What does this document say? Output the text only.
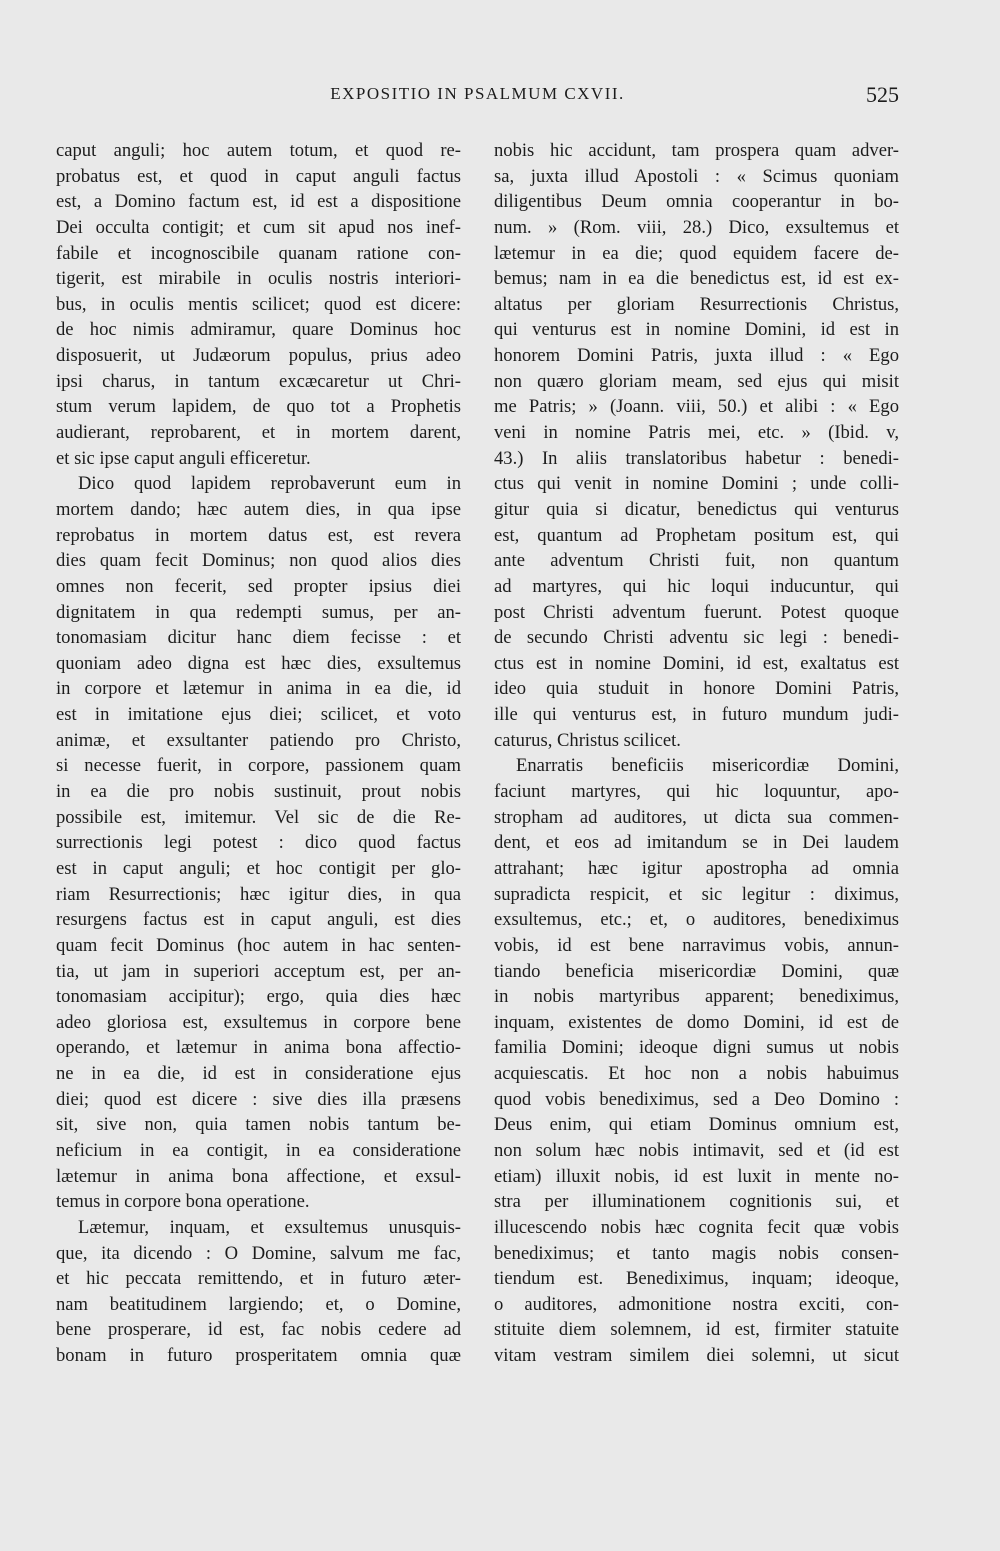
EXPOSITIO IN PSALMUM CXVII.	525
caput anguli; hoc autem totum, et quod re-
probatus est, et quod in caput anguli factus
est, a Domino factum est, id est a dispositione
Dei occulta contigit; et cum sit apud nos inef-
fabile et incognoscibile quanam ratione con-
tigerit, est mirabile in oculis nostris interiori-
bus, in oculis mentis scilicet; quod est dicere:
de hoc nimis admiramur, quare Dominus hoc
disposuerit, ut Judæorum populus, prius adeo
ipsi charus, in tantum excæcaretur ut Chri-
stum verum lapidem, de quo tot a Prophetis
audierant, reprobarent, et in mortem darent,
et sic ipse caput anguli efficeretur.
Dico quod lapidem reprobaverunt eum in
mortem dando; hæc autem dies, in qua ipse
reprobatus in mortem datus est, est revera
dies quam fecit Dominus; non quod alios dies
omnes non fecerit, sed propter ipsius diei
dignitatem in qua redempti sumus, per an-
tonomasiam dicitur hanc diem fecisse : et
quoniam adeo digna est hæc dies, exsultemus
in corpore et lætemur in anima in ea die, id
est in imitatione ejus diei; scilicet, et voto
animæ, et exsultanter patiendo pro Christo,
si necesse fuerit, in corpore, passionem quam
in ea die pro nobis sustinuit, prout nobis
possibile est, imitemur. Vel sic de die Re-
surrectionis legi potest : dico quod factus
est in caput anguli; et hoc contigit per glo-
riam Resurrectionis; hæc igitur dies, in qua
resurgens factus est in caput anguli, est dies
quam fecit Dominus (hoc autem in hac senten-
tia, ut jam in superiori acceptum est, per an-
tonomasiam accipitur); ergo, quia dies hæc
adeo gloriosa est, exsultemus in corpore bene
operando, et lætemur in anima bona affectio-
ne in ea die, id est in consideratione ejus
diei; quod est dicere : sive dies illa præsens
sit, sive non, quia tamen nobis tantum be-
neficium in ea contigit, in ea consideratione
lætemur in anima bona affectione, et exsul-
temus in corpore bona operatione.
Lætemur, inquam, et exsultemus unusquis-
que, ita dicendo : O Domine, salvum me fac,
et hic peccata remittendo, et in futuro æter-
nam beatitudinem largiendo; et, o Domine,
bene prosperare, id est, fac nobis cedere ad
bonam in futuro prosperitatem omnia quæ
nobis hic accidunt, tam prospera quam adver-
sa, juxta illud Apostoli : « Scimus quoniam
diligentibus Deum omnia cooperantur in bo-
num. » (Rom. viii, 28.) Dico, exsultemus et
lætemur in ea die; quod equidem facere de-
bemus; nam in ea die benedictus est, id est ex-
altatus per gloriam Resurrectionis Christus,
qui venturus est in nomine Domini, id est in
honorem Domini Patris, juxta illud : « Ego
non quæro gloriam meam, sed ejus qui misit
me Patris; » (Joann. viii, 50.) et alibi : « Ego
veni in nomine Patris mei, etc. » (Ibid. v,
43.) In aliis translatoribus habetur : benedi-
ctus qui venit in nomine Domini ; unde colli-
gitur quia si dicatur, benedictus qui venturus
est, quantum ad Prophetam positum est, qui
ante adventum Christi fuit, non quantum
ad martyres, qui hic loqui inducuntur, qui
post Christi adventum fuerunt. Potest quoque
de secundo Christi adventu sic legi : benedi-
ctus est in nomine Domini, id est, exaltatus est
ideo quia studuit in honore Domini Patris,
ille qui venturus est, in futuro mundum judi-
caturus, Christus scilicet.
Enarratis beneficiis misericordiæ Domini,
faciunt martyres, qui hic loquuntur, apo-
stropham ad auditores, ut dicta sua commen-
dent, et eos ad imitandum se in Dei laudem
attrahant; hæc igitur apostropha ad omnia
supradicta respicit, et sic legitur : diximus,
exsultemus, etc.; et, o auditores, benediximus
vobis, id est bene narravimus vobis, annun-
tiando beneficia misericordiæ Domini, quæ
in nobis martyribus apparent; benediximus,
inquam, existentes de domo Domini, id est de
familia Domini; ideoque digni sumus ut nobis
acquiescatis. Et hoc non a nobis habuimus
quod vobis benediximus, sed a Deo Domino :
Deus enim, qui etiam Dominus omnium est,
non solum hæc nobis intimavit, sed et (id est
etiam) illuxit nobis, id est luxit in mente no-
stra per illuminationem cognitionis sui, et
illucescendo nobis hæc cognita fecit quæ vobis
benediximus; et tanto magis nobis consen-
tiendum est. Benediximus, inquam; ideoque,
o auditores, admonitione nostra exciti, con-
stituite diem solemnem, id est, firmiter statuite
vitam vestram similem diei solemni, ut sicut
